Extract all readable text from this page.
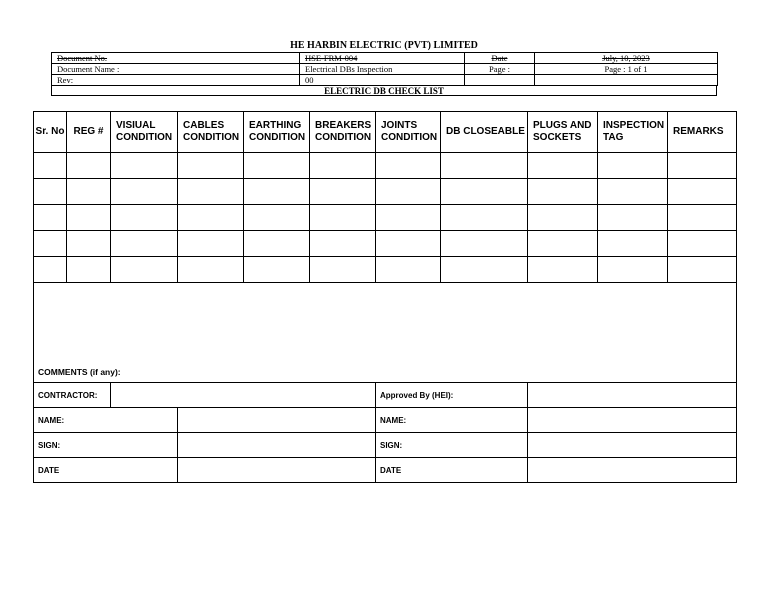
HE HARBIN ELECTRIC (PVT) LIMITED
Document No.	HSE-FRM-004	Date	July, 10, 2023
Document Name :	Electrical DBs Inspection	Page :	Page : 1 of 1
Rev:	00		
ELECTRIC DB CHECK LIST
Sr. No	REG #	VISIUAL CONDITION	CABLES CONDITION	EARTHING CONDITION	BREAKERS CONDITION	JOINTS CONDITION	DB CLOSEABLE	PLUGS AND SOCKETS	INSPECTION TAG	REMARKS

COMMENTS (if any):										
CONTRACTOR:						Approved By (HEI):				
NAME:						NAME:				
SIGN:						SIGN:				
DATE						DATE				
